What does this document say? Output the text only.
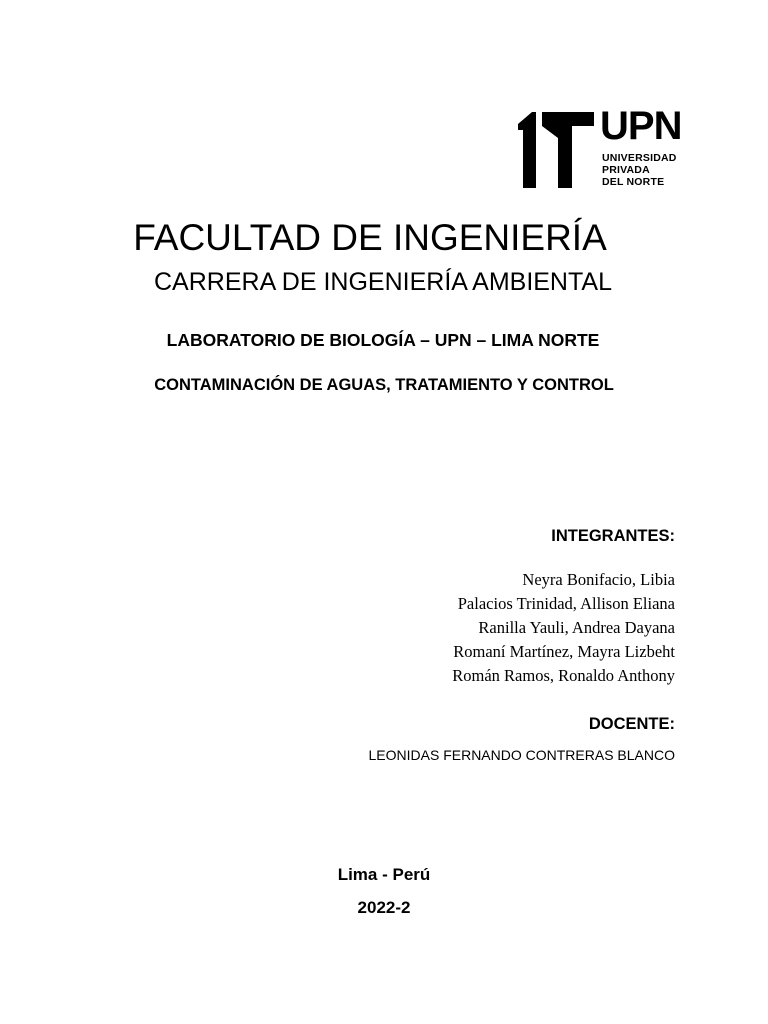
UPN
UNIVERSIDAD
PRIVADA
DEL NORTE
FACULTAD DE INGENIERÍA
CARRERA DE INGENIERÍA AMBIENTAL
LABORATORIO DE BIOLOGÍA – UPN – LIMA NORTE
CONTAMINACIÓN DE AGUAS, TRATAMIENTO Y CONTROL
INTEGRANTES:
Neyra Bonifacio, Libia
Palacios Trinidad, Allison Eliana
Ranilla Yauli, Andrea Dayana
Romaní Martínez, Mayra Lizbeht
Román Ramos, Ronaldo Anthony
DOCENTE:
LEONIDAS FERNANDO CONTRERAS BLANCO
Lima - Perú
2022-2
